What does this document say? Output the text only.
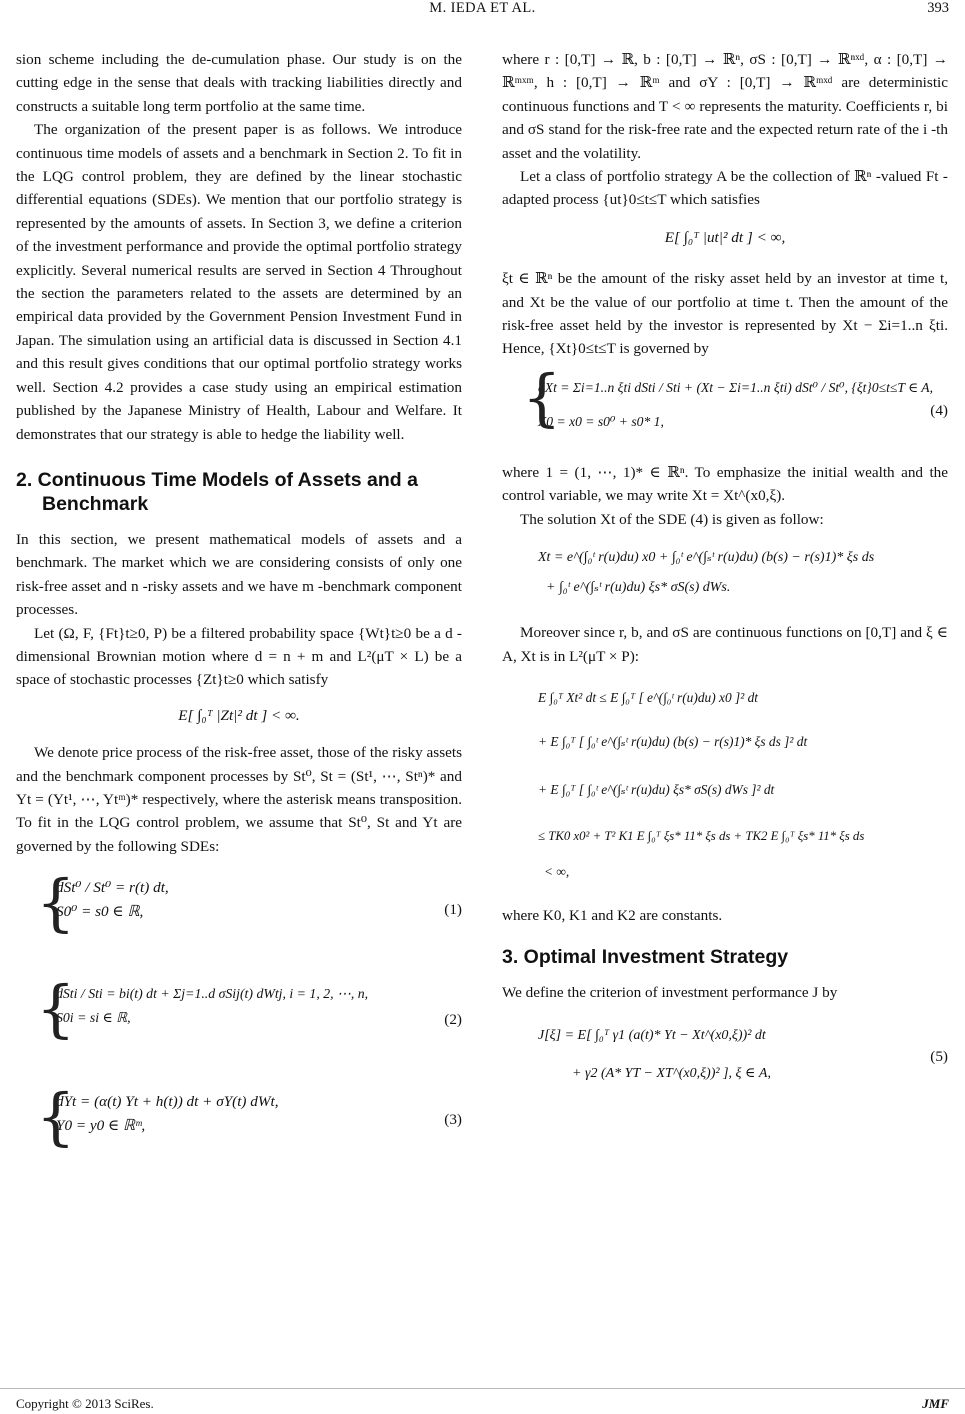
M. IEDA ET AL.	393

sion scheme including the de-cumulation phase. Our study is on the cutting edge in the sense that deals with tracking liabilities directly and constructs a suitable long term portfolio at the same time.

The organization of the present paper is as follows. We introduce continuous time models of assets and a benchmark in Section 2. To fit in the LQG control problem, they are defined by the linear stochastic differential equations (SDEs). We mention that our portfolio strategy is represented by the amounts of assets. In Section 3, we define a criterion of the investment performance and provide the optimal portfolio strategy explicitly. Several numerical results are served in Section 4 Throughout the section the parameters related to the assets are determined by an empirical data provided by the Government Pension Investment Fund in Japan. The simulation using an artificial data is discussed in Section 4.1 and this result gives conditions that our optimal portfolio strategy works well. Section 4.2 provides a case study using an empirical estimation published by the Japanese Ministry of Health, Labour and Welfare. It demonstrates that our strategy is able to hedge the liability well.

2. Continuous Time Models of Assets and a Benchmark

In this section, we present mathematical models of assets and a benchmark. The market which we are considering consists of only one risk-free asset and n -risky assets and we have m -benchmark component processes.

Let (Ω, F, {Ft}t≥0, P) be a filtered probability space {Wt}t≥0 be a d -dimensional Brownian motion where d = n + m and L²(μT × L) be a space of stochastic processes {Zt}t≥0 which satisfy

E[ ∫₀ᵀ |Zt|² dt ] < ∞.

We denote price process of the risk-free asset, those of the risky assets and the benchmark component processes by St⁰, St = (St¹, ⋯, Stⁿ)* and Yt = (Yt¹, ⋯, Ytᵐ)* respectively, where the asterisk means transposition. To fit in the LQG control problem, we assume that St⁰, St and Yt are governed by the following SDEs:

{
dSt⁰ / St⁰ = r(t) dt,
S0⁰ = s0 ∈ ℝ,	(1)
{
dSti / Sti = bi(t) dt + Σj=1..d σSij(t) dWtj, i = 1, 2, ⋯, n,
S0i = si ∈ ℝ,	(2)
{
dYt = (α(t) Yt + h(t)) dt + σY(t) dWt,
Y0 = y0 ∈ ℝᵐ,	(3)

where r : [0,T] → ℝ, b : [0,T] → ℝⁿ, σS : [0,T] → ℝⁿˣᵈ, α : [0,T] → ℝᵐˣᵐ, h : [0,T] → ℝᵐ and σY : [0,T] → ℝᵐˣᵈ are deterministic continuous functions and T < ∞ represents the maturity. Coefficients r, bi and σS stand for the risk-free rate and the expected return rate of the i -th asset and the volatility.

Let a class of portfolio strategy A be the collection of ℝⁿ -valued Ft -adapted process {ut}0≤t≤T which satisfies

E[ ∫₀ᵀ |ut|² dt ] < ∞,

ξt ∈ ℝⁿ be the amount of the risky asset held by an investor at time t, and Xt be the value of our portfolio at time t. Then the amount of the risk-free asset held by the investor is represented by Xt − Σi=1..n ξti. Hence, {Xt}0≤t≤T is governed by

{
dXt = Σi=1..n ξti dSti / Sti + (Xt − Σi=1..n ξti) dSt⁰ / St⁰, {ξt}0≤t≤T ∈ A,
X0 = x0 = s0⁰ + s0* 1,
(4)

where 1 = (1, ⋯, 1)* ∈ ℝⁿ. To emphasize the initial wealth and the control variable, we may write Xt = Xt^(x0,ξ).

The solution Xt of the SDE (4) is given as follow:

Xt = e^(∫₀ᵗ r(u)du) x0 + ∫₀ᵗ e^(∫ₛᵗ r(u)du) (b(s) − r(s)1)* ξs ds
+ ∫₀ᵗ e^(∫ₛᵗ r(u)du) ξs* σS(s) dWs.

Moreover since r, b, and σS are continuous functions on [0,T] and ξ ∈ A, Xt is in L²(μT × P):

E ∫₀ᵀ Xt² dt ≤ E ∫₀ᵀ [ e^(∫₀ᵗ r(u)du) x0 ]² dt
+ E ∫₀ᵀ [ ∫₀ᵗ e^(∫ₛᵗ r(u)du) (b(s) − r(s)1)* ξs ds ]² dt
+ E ∫₀ᵀ [ ∫₀ᵗ e^(∫ₛᵗ r(u)du) ξs* σS(s) dWs ]² dt
≤ TK0 x0² + T² K1 E ∫₀ᵀ ξs* 11* ξs ds + TK2 E ∫₀ᵀ ξs* 11* ξs ds
< ∞,

where K0, K1 and K2 are constants.

3. Optimal Investment Strategy

We define the criterion of investment performance J by

J[ξ] = E[ ∫₀ᵀ γ1 (a(t)* Yt − Xt^(x0,ξ))² dt
+ γ2 (A* YT − XT^(x0,ξ))² ], ξ ∈ A,
(5)
Copyright © 2013 SciRes.	JMF
